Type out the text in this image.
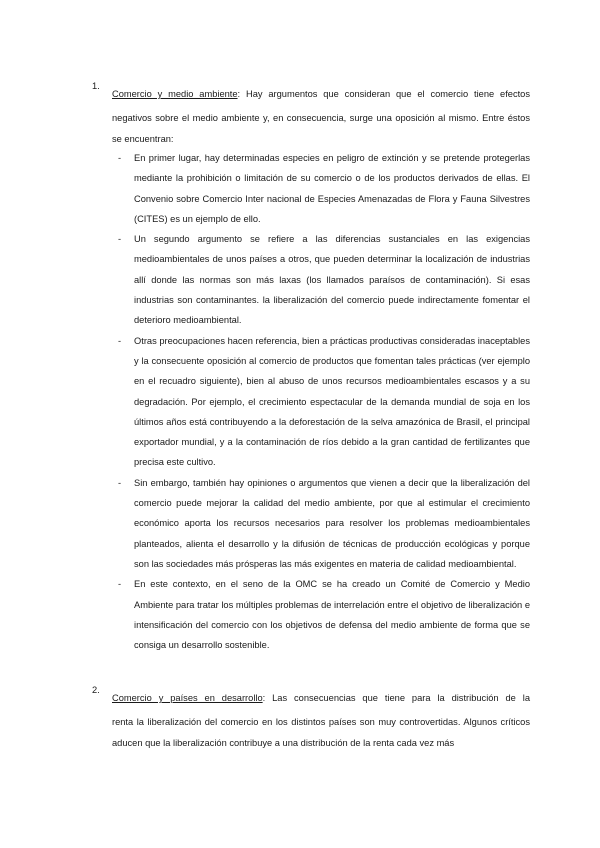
1.
Comercio y medio ambiente: Hay argumentos que consideran que el comercio tiene efectos
negativos sobre el medio ambiente y, en consecuencia, surge una oposición al mismo. Entre éstos se encuentran:
- En primer lugar, hay determinadas especies en peligro de extinción y se pretende protegerlas mediante la prohibición o limitación de su comercio o de los productos derivados de ellas. El Convenio sobre Comercio Inter nacional de Especies Amenazadas de Flora y Fauna Silvestres (CITES) es un ejemplo de ello.
- Un segundo argumento se refiere a las diferencias sustanciales en las exigencias medioambientales de unos países a otros, que pueden determinar la localización de industrias allí donde las normas son más laxas (los llamados paraísos de contaminación). Si esas industrias son contaminantes. la liberalización del comercio puede indirectamente fomentar el deterioro medioambiental.
- Otras preocupaciones hacen referencia, bien a prácticas productivas consideradas inaceptables y la consecuente oposición al comercio de productos que fomentan tales prácticas (ver ejemplo en el recuadro siguiente), bien al abuso de unos recursos medioambientales escasos y a su degradación. Por ejemplo, el crecimiento espectacular de la demanda mundial de soja en los últimos años está contribuyendo a la deforestación de la selva amazónica de Brasil, el principal exportador mundial, y a la contaminación de ríos debido a la gran cantidad de fertilizantes que precisa este cultivo.
- Sin embargo, también hay opiniones o argumentos que vienen a decir que la liberalización del comercio puede mejorar la calidad del medio ambiente, por que al estimular el crecimiento económico aporta los recursos necesarios para resolver los problemas medioambientales planteados, alienta el desarrollo y la difusión de técnicas de producción ecológicas y porque son las sociedades más prósperas las más exigentes en materia de calidad medioambiental.
- En este contexto, en el seno de la OMC se ha creado un Comité de Comercio y Medio Ambiente para tratar los múltiples problemas de interrelación entre el objetivo de liberalización e intensificación del comercio con los objetivos de defensa del medio ambiente de forma que se consiga un desarrollo sostenible.
2.
Comercio y países en desarrollo: Las consecuencias que tiene para la distribución de la
renta la liberalización del comercio en los distintos países son muy controvertidas. Algunos críticos aducen que la liberalización contribuye a una distribución de la renta cada vez más
